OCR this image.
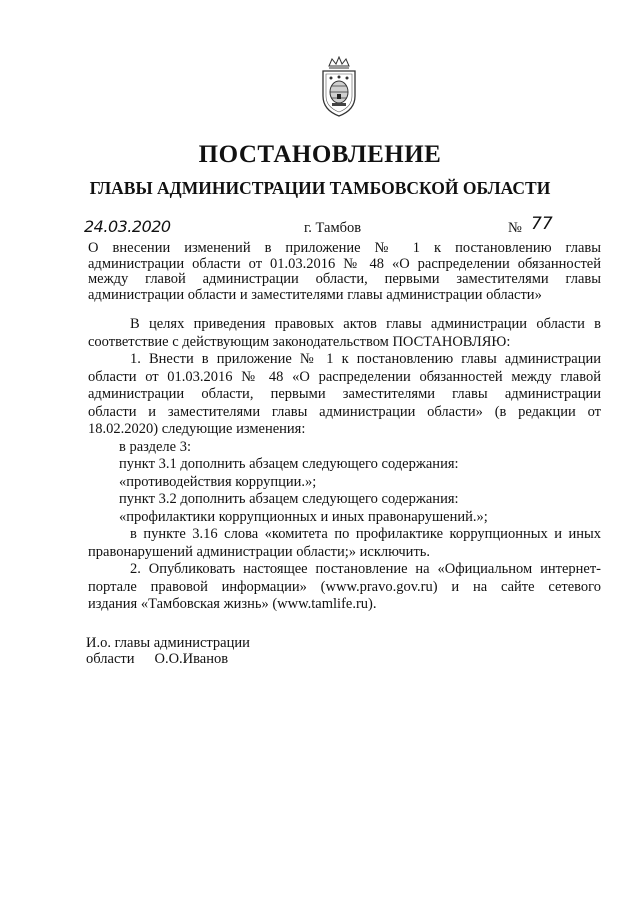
ПОСТАНОВЛЕНИЕ
ГЛАВЫ АДМИНИСТРАЦИИ ТАМБОВСКОЙ ОБЛАСТИ
24.03.2020	г. Тамбов	№ 77
О внесении изменений в приложение № 1 к постановлению главы
администрации области от 01.03.2016 № 48 «О распределении обязанностей
между главой администрации области, первыми заместителями главы
администрации области и заместителями главы администрации области»
В целях приведения правовых актов главы администрации области в
соответствие с действующим законодательством ПОСТАНОВЛЯЮ:
1. Внести в приложение № 1 к постановлению главы администрации
области от 01.03.2016 № 48 «О распределении обязанностей между главой
администрации области, первыми заместителями главы администрации
области и заместителями главы администрации области» (в редакции от
18.02.2020) следующие изменения:
в разделе 3:
пункт 3.1 дополнить абзацем следующего содержания:
«противодействия коррупции.»;
пункт 3.2 дополнить абзацем следующего содержания:
«профилактики коррупционных и иных правонарушений.»;
в пункте 3.16 слова «комитета по профилактике коррупционных и иных
правонарушений администрации области;» исключить.
2. Опубликовать настоящее постановление на «Официальном интернет-
портале правовой информации» (www.pravo.gov.ru) и на сайте сетевого
издания «Тамбовская жизнь» (www.tamlife.ru).
И.о. главы администрации
области О.О.Иванов
